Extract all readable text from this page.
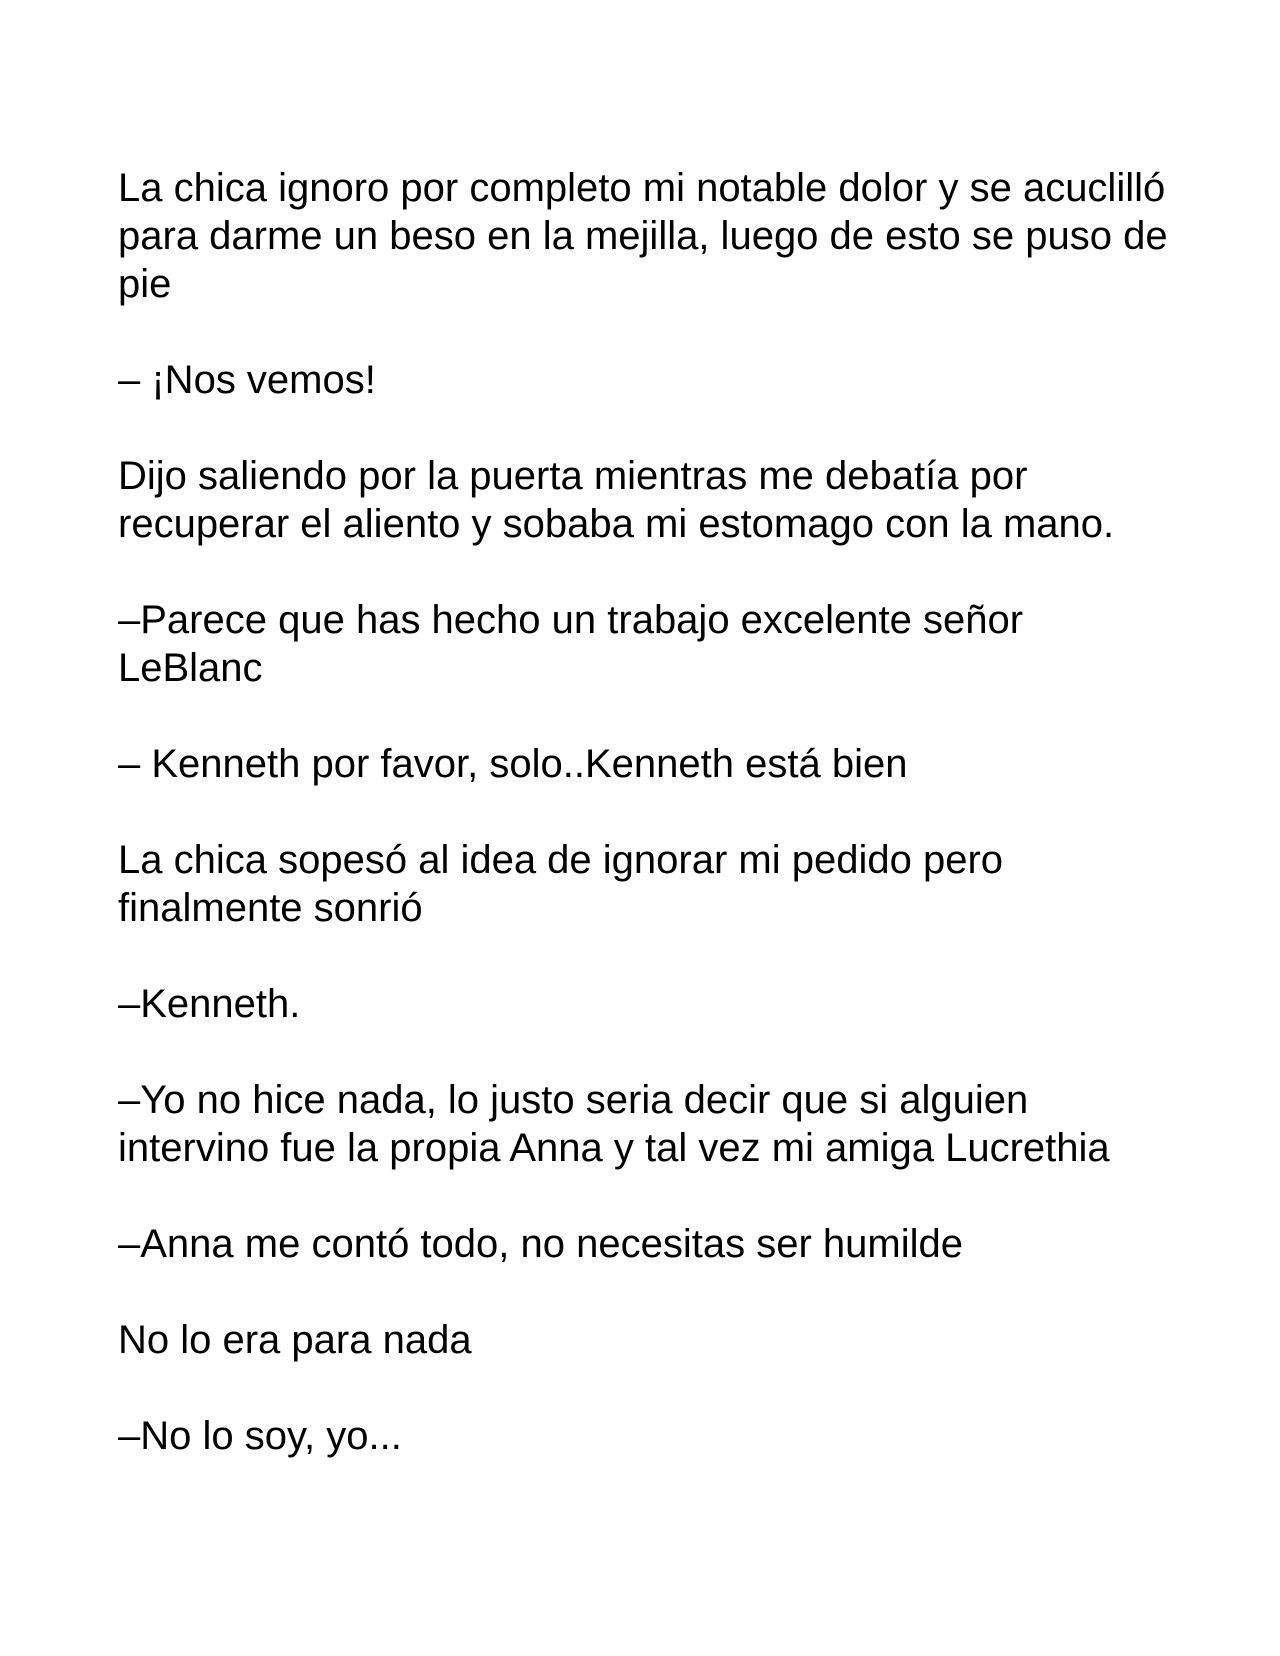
La chica ignoro por completo mi notable dolor y se acuclilló para darme un beso en la mejilla, luego de esto se puso de pie

– ¡Nos vemos!

Dijo saliendo por la puerta mientras me debatía por recuperar el aliento y sobaba mi estomago con la mano.

–Parece que has hecho un trabajo excelente señor LeBlanc

– Kenneth por favor, solo..Kenneth está bien

La chica sopesó al idea de ignorar mi pedido pero finalmente sonrió

–Kenneth.

–Yo no hice nada, lo justo seria decir que si alguien intervino fue la propia Anna y tal vez mi amiga Lucrethia

–Anna me contó todo, no necesitas ser humilde

No lo era para nada

–No lo soy, yo...
